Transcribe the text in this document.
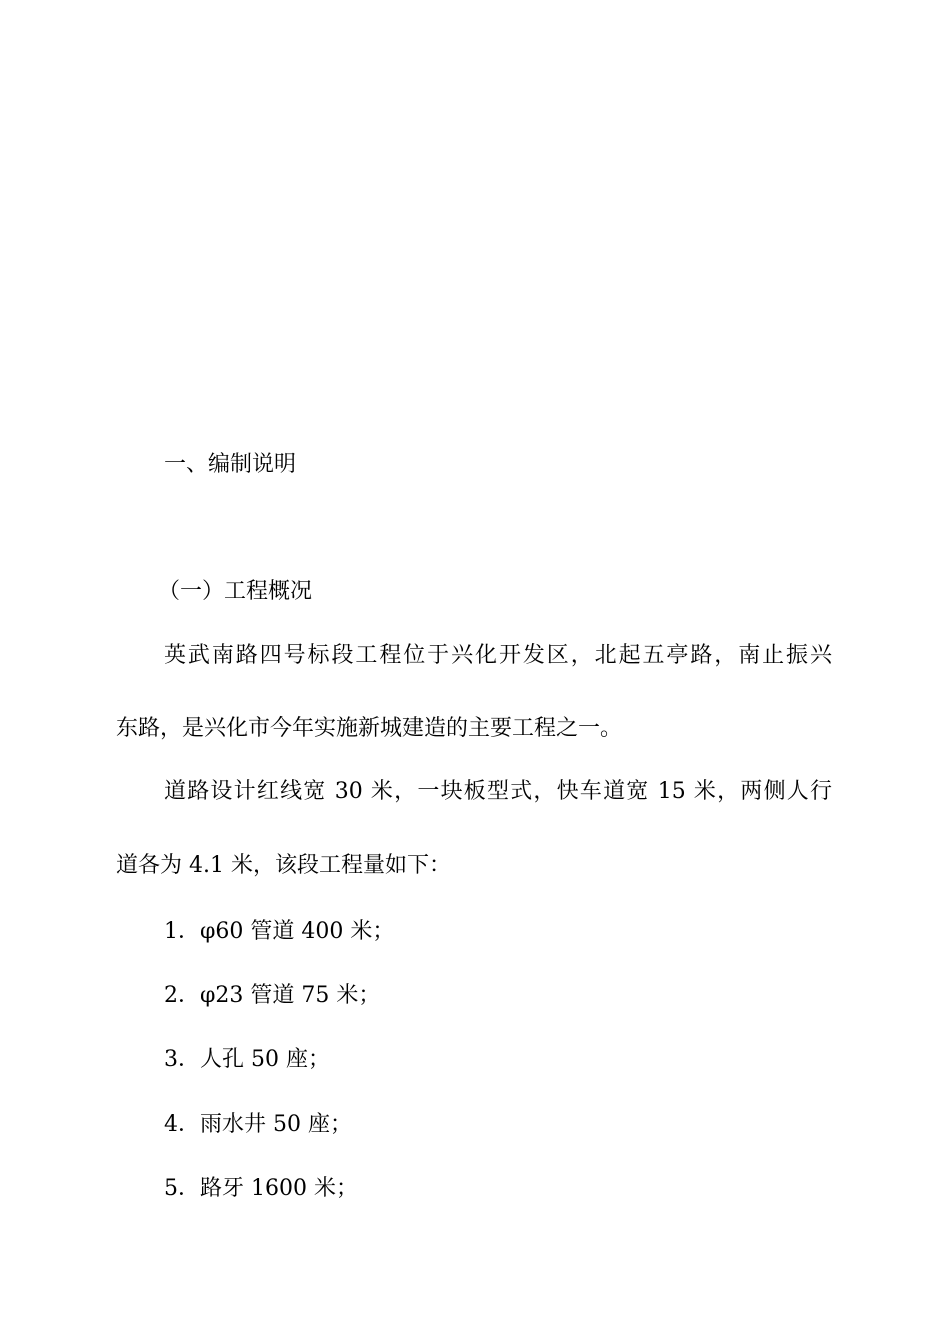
一、编制说明
（一）工程概况
英武南路四号标段工程位于兴化开发区，北起五亭路，南止振兴
东路，是兴化市今年实施新城建造的主要工程之一。
道路设计红线宽 30 米，一块板型式，快车道宽 15 米，两侧人行
道各为 4.1 米，该段工程量如下：
1．φ60 管道 400 米；
2．φ23 管道 75 米；
3．人孔 50 座；
4．雨水井 50 座；
5．路牙 1600 米；
